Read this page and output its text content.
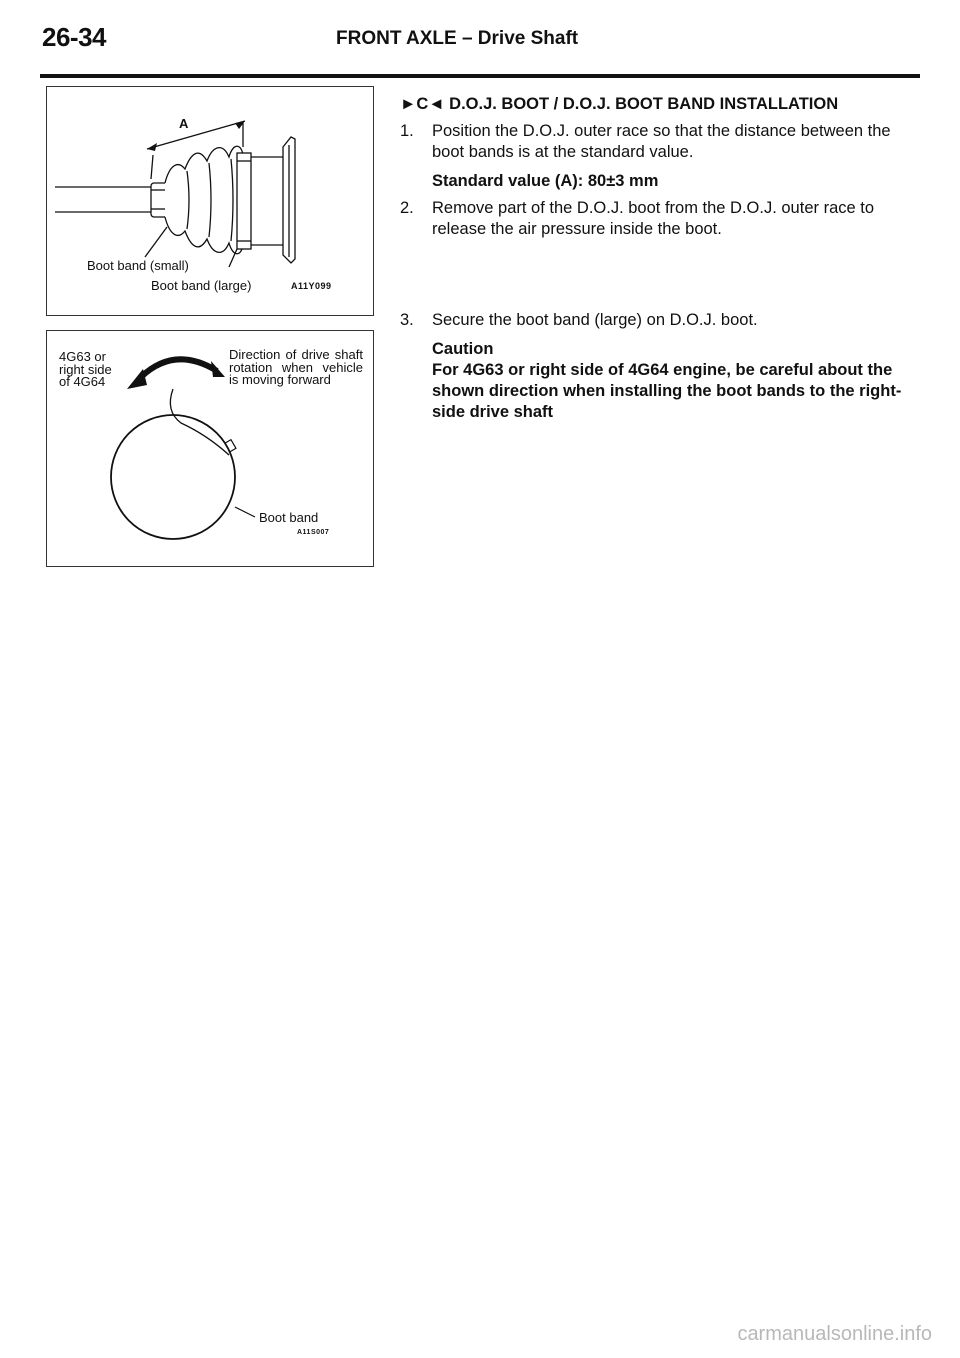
26-34	FRONT AXLE – Drive Shaft
A
Boot band (small)
Boot band (large)	A11Y099
4G63 or
right side
of 4G64
Direction of drive shaft rotation when vehicle is moving forward
Boot band
A11S007
►C◄ D.O.J. BOOT / D.O.J. BOOT BAND INSTALLATION
1.	Position the D.O.J. outer race so that the distance between the boot bands is at the standard value.
Standard value (A): 80±3 mm
2.	Remove part of the D.O.J. boot from the D.O.J. outer race to release the air pressure inside the boot.
3.	Secure the boot band (large) on D.O.J. boot.
Caution
For 4G63 or right side of 4G64 engine, be careful about the shown direction when installing the boot bands to the right-side drive shaft
carmanualsonline.info
